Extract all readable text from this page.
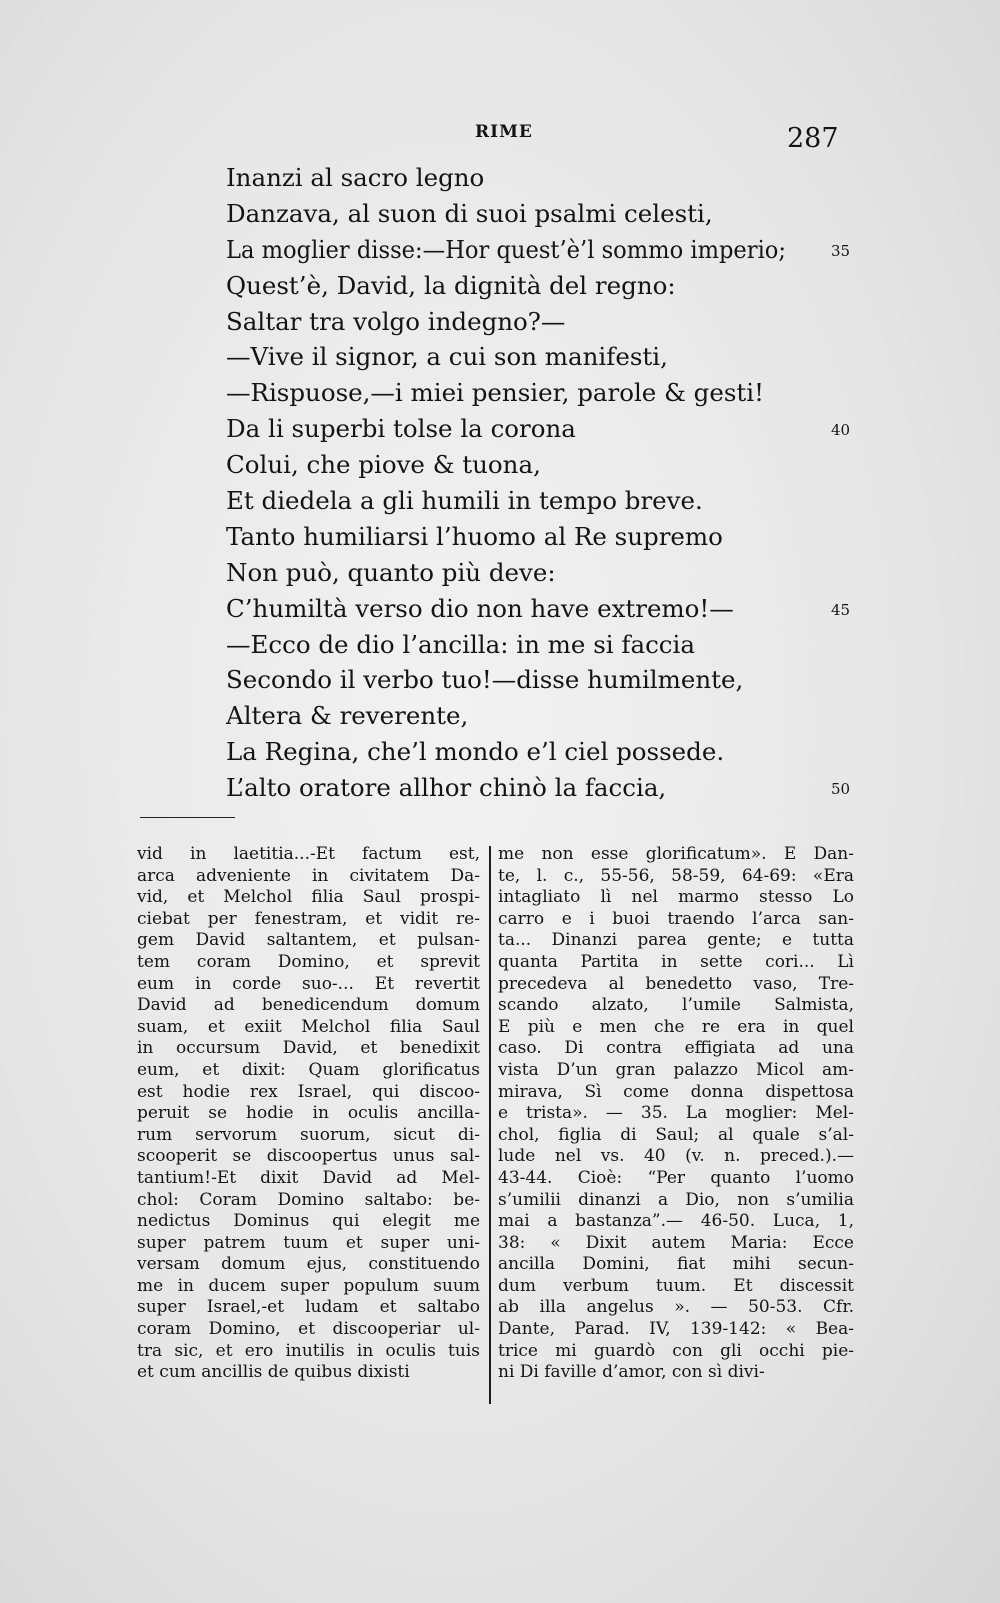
RIME	287
Inanzi al sacro legno
Danzava, al suon di suoi psalmi celesti,
La moglier disse:—Hor quest’è’l sommo imperio;	35
Quest’è, David, la dignità del regno:
Saltar tra volgo indegno?—
—Vive il signor, a cui son manifesti,
—Rispuose,—i miei pensier, parole & gesti!
Da li superbi tolse la corona	40
Colui, che piove & tuona,
Et diedela a gli humili in tempo breve.
Tanto humiliarsi l’huomo al Re supremo
Non può, quanto più deve:
C’humiltà verso dio non have extremo!—	45
—Ecco de dio l’ancilla: in me si faccia
Secondo il verbo tuo!—disse humilmente,
Altera & reverente,
La Regina, che’l mondo e’l ciel possede.
L’alto oratore allhor chinò la faccia,	50
vid in laetitia...-Et factum est,
arca adveniente in civitatem Da-
vid, et Melchol filia Saul prospi-
ciebat per fenestram, et vidit re-
gem David saltantem, et pulsan-
tem coram Domino, et sprevit
eum in corde suo-... Et revertit
David ad benedicendum domum
suam, et exiit Melchol filia Saul
in occursum David, et benedixit
eum, et dixit: Quam glorificatus
est hodie rex Israel, qui discoo-
peruit se hodie in oculis ancilla-
rum servorum suorum, sicut di-
scooperit se discoopertus unus sal-
tantium!-Et dixit David ad Mel-
chol: Coram Domino saltabo: be-
nedictus Dominus qui elegit me
super patrem tuum et super uni-
versam domum ejus, constituendo
me in ducem super populum suum
super Israel,-et ludam et saltabo
coram Domino, et discooperiar ul-
tra sic, et ero inutilis in oculis tuis
et cum ancillis de quibus dixisti
me non esse glorificatum». E Dan-
te, l. c., 55-56, 58-59, 64-69: «Era
intagliato lì nel marmo stesso Lo
carro e i buoi traendo l’arca san-
ta... Dinanzi parea gente; e tutta
quanta Partita in sette cori... Lì
precedeva al benedetto vaso, Tre-
scando alzato, l’umile Salmista,
E più e men che re era in quel
caso. Di contra effigiata ad una
vista D’un gran palazzo Micol am-
mirava, Sì come donna dispettosa
e trista». — 35. La moglier: Mel-
chol, figlia di Saul; al quale s’al-
lude nel vs. 40 (v. n. preced.).—
43-44. Cioè: “Per quanto l’uomo
s’umilii dinanzi a Dio, non s’umilia
mai a bastanza”.— 46-50. Luca, 1,
38: « Dixit autem Maria: Ecce
ancilla Domini, fiat mihi secun-
dum verbum tuum. Et discessit
ab illa angelus ». — 50-53. Cfr.
Dante, Parad. IV, 139-142: « Bea-
trice mi guardò con gli occhi pie-
ni Di faville d’amor, con sì divi-
